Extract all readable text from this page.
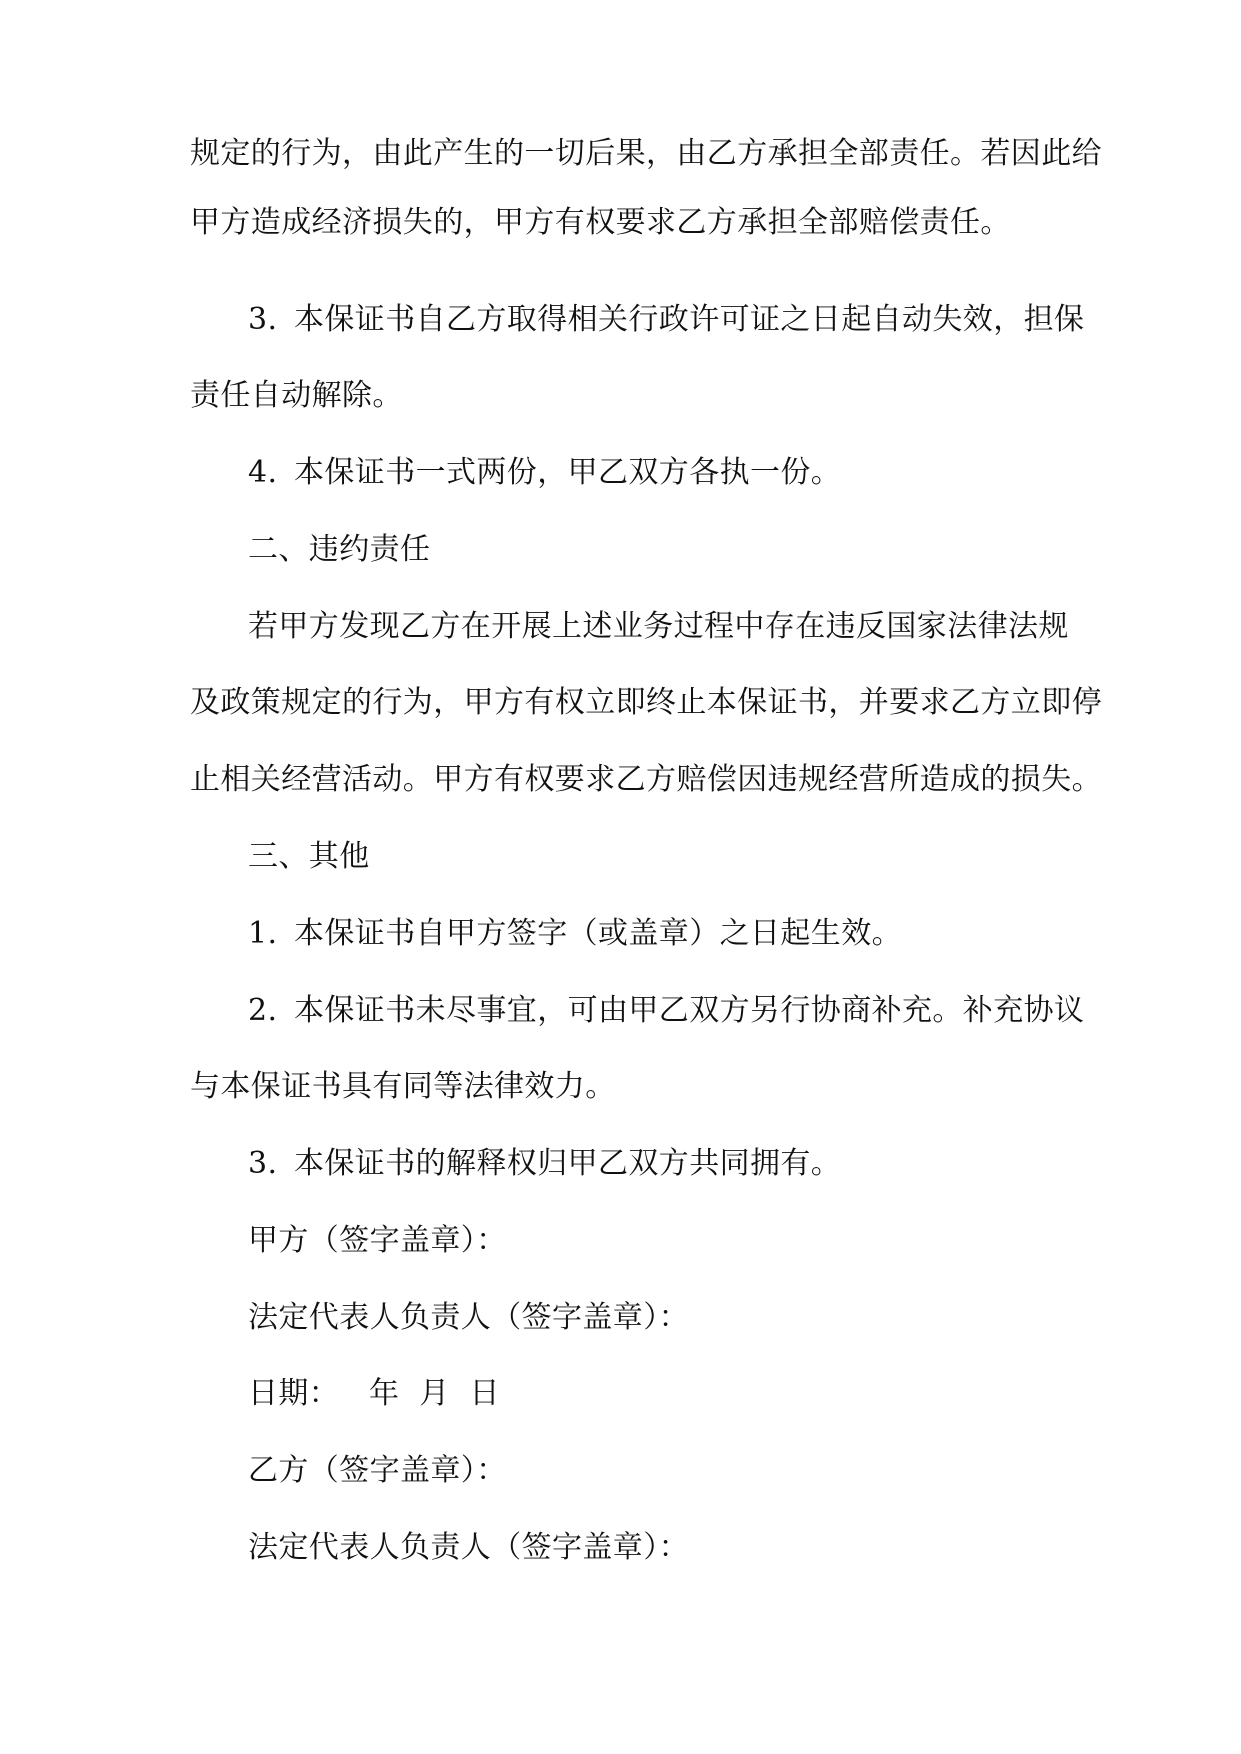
规定的行为，由此产生的一切后果，由乙方承担全部责任。若因此给

甲方造成经济损失的，甲方有权要求乙方承担全部赔偿责任。

3. 本保证书自乙方取得相关行政许可证之日起自动失效，担保

责任自动解除。

4. 本保证书一式两份，甲乙双方各执一份。

二、违约责任

若甲方发现乙方在开展上述业务过程中存在违反国家法律法规

及政策规定的行为，甲方有权立即终止本保证书，并要求乙方立即停

止相关经营活动。甲方有权要求乙方赔偿因违规经营所造成的损失。

三、其他

1. 本保证书自甲方签字（或盖章）之日起生效。

2. 本保证书未尽事宜，可由甲乙双方另行协商补充。补充协议

与本保证书具有同等法律效力。

3. 本保证书的解释权归甲乙双方共同拥有。

甲方（签字盖章）：

法定代表人负责人（签字盖章）：

日期：   年  月  日

乙方（签字盖章）：

法定代表人负责人（签字盖章）：
